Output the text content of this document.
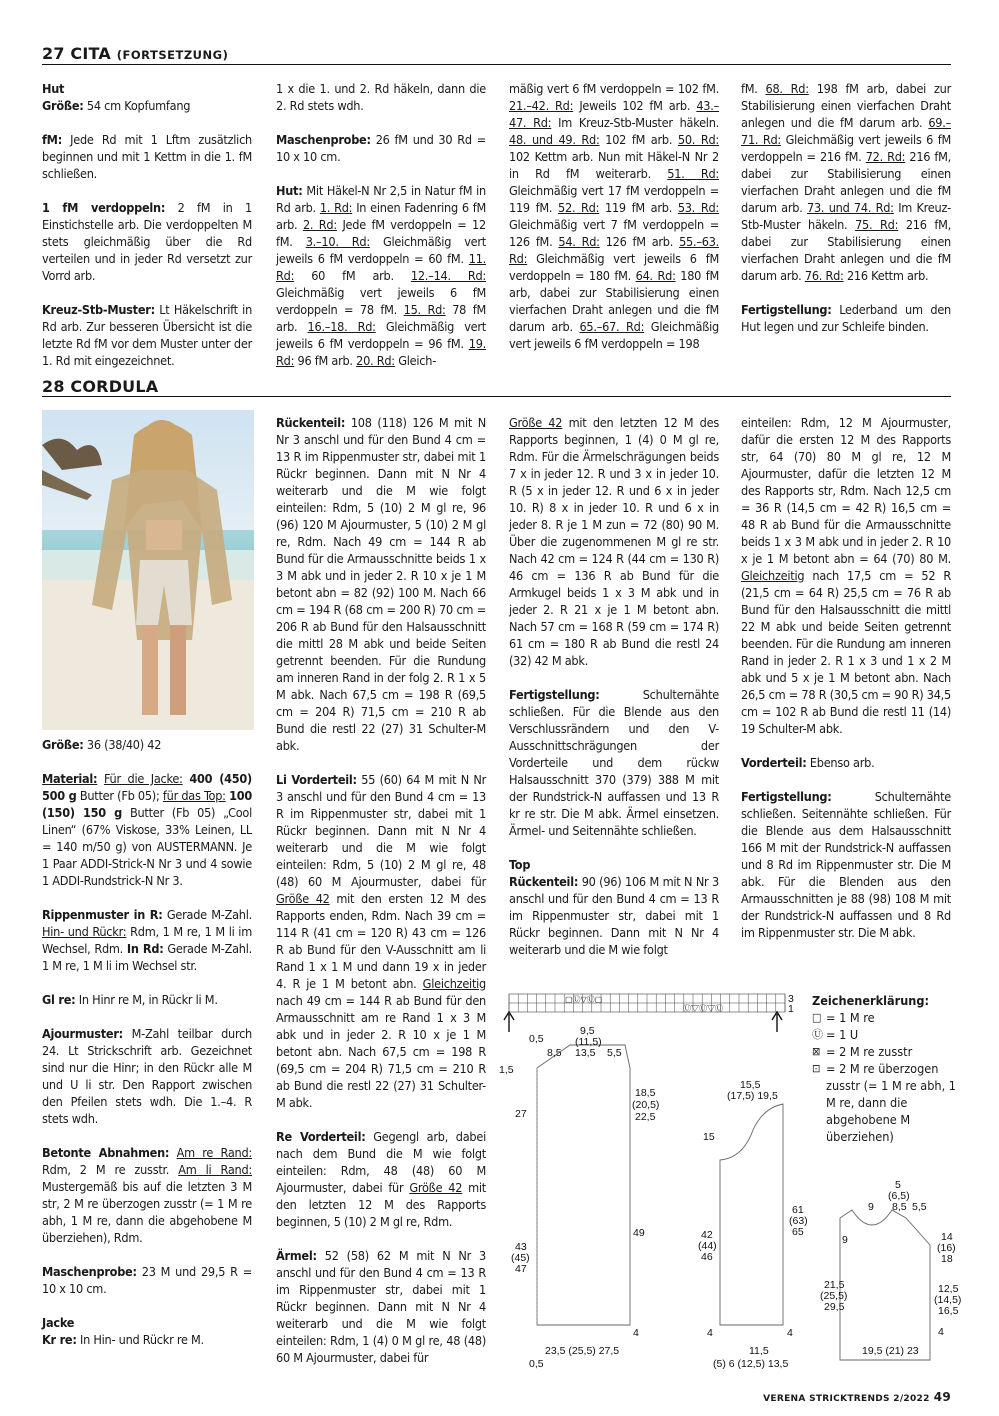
27 CITA (FORTSETZUNG)
28 CORDULA

Hut

Größe: 54 cm Kopfumfang

fM: Jede Rd mit 1 Lftm zusätzlich beginnen und mit 1 Kettm in die 1. fM schließen.

1 fM verdoppeln: 2 fM in 1 Einstichstelle arb. Die verdoppelten M stets gleichmäßig über die Rd verteilen und in jeder Rd versetzt zur Vorrd arb.

Kreuz-Stb-Muster: Lt Häkelschrift in Rd arb. Zur besseren Übersicht ist die letzte Rd fM vor dem Muster unter der 1. Rd mit eingezeichnet.

1 x die 1. und 2. Rd häkeln, dann die 2. Rd stets wdh.

Maschenprobe: 26 fM und 30 Rd = 10 x 10 cm.

Hut: Mit Häkel-N Nr 2,5 in Natur fM in Rd arb. 1. Rd: In einen Fadenring 6 fM arb. 2. Rd: Jede fM verdoppeln = 12 fM. 3.–10. Rd: Gleichmäßig vert jeweils 6 fM verdoppeln = 60 fM. 11. Rd: 60 fM arb. 12.–14. Rd: Gleichmäßig vert jeweils 6 fM verdoppeln = 78 fM. 15. Rd: 78 fM arb. 16.–18. Rd: Gleichmäßig vert jeweils 6 fM verdoppeln = 96 fM. 19. Rd: 96 fM arb. 20. Rd: Gleich-

mäßig vert 6 fM verdoppeln = 102 fM. 21.–42. Rd: Jeweils 102 fM arb. 43.–47. Rd: Im Kreuz-Stb-Muster häkeln. 48. und 49. Rd: 102 fM arb. 50. Rd: 102 Kettm arb. Nun mit Häkel-N Nr 2 in Rd fM weiterarb. 51. Rd: Gleichmäßig vert 17 fM verdoppeln = 119 fM. 52. Rd: 119 fM arb. 53. Rd: Gleichmäßig vert 7 fM verdoppeln = 126 fM. 54. Rd: 126 fM arb. 55.–63. Rd: Gleichmäßig vert jeweils 6 fM verdoppeln = 180 fM. 64. Rd: 180 fM arb, dabei zur Stabilisierung einen vierfachen Draht anlegen und die fM darum arb. 65.–67. Rd: Gleichmäßig vert jeweils 6 fM verdoppeln = 198

fM. 68. Rd: 198 fM arb, dabei zur Stabilisierung einen vierfachen Draht anlegen und die fM darum arb. 69.–71. Rd: Gleichmäßig vert jeweils 6 fM verdoppeln = 216 fM. 72. Rd: 216 fM, dabei zur Stabilisierung einen vierfachen Draht anlegen und die fM darum arb. 73. und 74. Rd: Im Kreuz-Stb-Muster häkeln. 75. Rd: 216 fM, dabei zur Stabilisierung einen vierfachen Draht anlegen und die fM darum arb. 76. Rd: 216 Kettm arb.

Fertigstellung: Lederband um den Hut legen und zur Schleife binden.

Größe: 36 (38/40) 42

Material: Für die Jacke: 400 (450) 500 g Butter (Fb 05); für das Top: 100 (150) 150 g Butter (Fb 05) „Cool Linen“ (67% Viskose, 33% Leinen, LL = 140 m/50 g) von AUSTERMANN. Je 1 Paar ADDI-Strick-N Nr 3 und 4 sowie 1 ADDI-Rundstrick-N Nr 3.

Rippenmuster in R: Gerade M-Zahl. Hin- und Rückr: Rdm, 1 M re, 1 M li im Wechsel, Rdm. In Rd: Gerade M-Zahl. 1 M re, 1 M li im Wechsel str.

Gl re: In Hinr re M, in Rückr li M.

Ajourmuster: M-Zahl teilbar durch 24. Lt Strickschrift arb. Gezeichnet sind nur die Hinr; in den Rückr alle M und U li str. Den Rapport zwischen den Pfeilen stets wdh. Die 1.–4. R stets wdh.

Betonte Abnahmen: Am re Rand: Rdm, 2 M re zusstr. Am li Rand: Mustergemäß bis auf die letzten 3 M str, 2 M re überzogen zusstr (= 1 M re abh, 1 M re, dann die abgehobene M überziehen), Rdm.

Maschenprobe: 23 M und 29,5 R = 10 x 10 cm.

Jacke

Kr re: In Hin- und Rückr re M.

Rückenteil: 108 (118) 126 M mit N Nr 3 anschl und für den Bund 4 cm = 13 R im Rippenmuster str, dabei mit 1 Rückr beginnen. Dann mit N Nr 4 weiterarb und die M wie folgt einteilen: Rdm, 5 (10) 2 M gl re, 96 (96) 120 M Ajourmuster, 5 (10) 2 M gl re, Rdm. Nach 49 cm = 144 R ab Bund für die Armausschnitte beids 1 x 3 M abk und in jeder 2. R 10 x je 1 M betont abn = 82 (92) 100 M. Nach 66 cm = 194 R (68 cm = 200 R) 70 cm = 206 R ab Bund für den Halsausschnitt die mittl 28 M abk und beide Seiten getrennt beenden. Für die Rundung am inneren Rand in der folg 2. R 1 x 5 M abk. Nach 67,5 cm = 198 R (69,5 cm = 204 R) 71,5 cm = 210 R ab Bund die restl 22 (27) 31 Schulter-M abk.

Li Vorderteil: 55 (60) 64 M mit N Nr 3 anschl und für den Bund 4 cm = 13 R im Rippenmuster str, dabei mit 1 Rückr beginnen. Dann mit N Nr 4 weiterarb und die M wie folgt einteilen: Rdm, 5 (10) 2 M gl re, 48 (48) 60 M Ajourmuster, dabei für Größe 42 mit den ersten 12 M des Rapports enden, Rdm. Nach 39 cm = 114 R (41 cm = 120 R) 43 cm = 126 R ab Bund für den V-Ausschnitt am li Rand 1 x 1 M und dann 19 x in jeder 4. R je 1 M betont abn. Gleichzeitig nach 49 cm = 144 R ab Bund für den Armausschnitt am re Rand 1 x 3 M abk und in jeder 2. R 10 x je 1 M betont abn. Nach 67,5 cm = 198 R (69,5 cm = 204 R) 71,5 cm = 210 R ab Bund die restl 22 (27) 31 Schulter-M abk.

Re Vorderteil: Gegengl arb, dabei nach dem Bund die M wie folgt einteilen: Rdm, 48 (48) 60 M Ajourmuster, dabei für Größe 42 mit den letzten 12 M des Rapports beginnen, 5 (10) 2 M gl re, Rdm.

Ärmel: 52 (58) 62 M mit N Nr 3 anschl und für den Bund 4 cm = 13 R im Rippenmuster str, dabei mit 1 Rückr beginnen. Dann mit N Nr 4 weiterarb und die M wie folgt einteilen: Rdm, 1 (4) 0 M gl re, 48 (48) 60 M Ajourmuster, dabei für

Größe 42 mit den letzten 12 M des Rapports beginnen, 1 (4) 0 M gl re, Rdm. Für die Ärmelschrägungen beids 7 x in jeder 12. R und 3 x in jeder 10. R (5 x in jeder 12. R und 6 x in jeder 10. R) 8 x in jeder 10. R und 6 x in jeder 8. R je 1 M zun = 72 (80) 90 M. Über die zugenommenen M gl re str. Nach 42 cm = 124 R (44 cm = 130 R) 46 cm = 136 R ab Bund für die Armkugel beids 1 x 3 M abk und in jeder 2. R 21 x je 1 M betont abn. Nach 57 cm = 168 R (59 cm = 174 R) 61 cm = 180 R ab Bund die restl 24 (32) 42 M abk.

Fertigstellung:	Schulternähte schließen. Für die Blende aus den Verschlussrändern und den V-Ausschnittschrägungen der Vorderteile und dem rückw Halsausschnitt 370 (379) 388 M mit der Rundstrick-N auffassen und 13 R kr re str. Die M abk. Ärmel einsetzen. Ärmel- und Seitennähte schließen.

Top

Rückenteil: 90 (96) 106 M mit N Nr 3 anschl und für den Bund 4 cm = 13 R im Rippenmuster str, dabei mit 1 Rückr beginnen. Dann mit N Nr 4 weiterarb und die M wie folgt

einteilen: Rdm, 12 M Ajourmuster, dafür die ersten 12 M des Rapports str, 64 (70) 80 M gl re, 12 M Ajourmuster, dafür die letzten 12 M des Rapports str, Rdm. Nach 12,5 cm = 36 R (14,5 cm = 42 R) 16,5 cm = 48 R ab Bund für die Armausschnitte beids 1 x 3 M abk und in jeder 2. R 10 x je 1 M betont abn = 64 (70) 80 M. Gleichzeitig nach 17,5 cm = 52 R (21,5 cm = 64 R) 25,5 cm = 76 R ab Bund für den Halsausschnitt die mittl 22 M abk und beide Seiten getrennt beenden. Für die Rundung am inneren Rand in jeder 2. R 1 x 3 und 1 x 2 M abk und 5 x je 1 M betont abn. Nach 26,5 cm = 78 R (30,5 cm = 90 R) 34,5 cm = 102 R ab Bund die restl 11 (14) 19 Schulter-M abk.

Vorderteil: Ebenso arb.

Fertigstellung:	Schulternähte schließen. Seitennähte schließen. Für die Blende aus dem Halsausschnitt 166 M mit der Rundstrick-N auffassen und 8 Rd im Rippenmuster str. Die M abk. Für die Blenden aus den Armausschnitten je 88 (98) 108 M mit der Rundstrick-N auffassen und 8 Rd im Rippenmuster str. Die M abk.

▢Ⓤ▽Ⓤ▢
Ⓤ▽Ⓤ▽Ⓤ
3
1
0,5
9,5
(11,5)
8,5 13,5 5,5
1,5
27
18,5
(20,5)
22,5
49
43
(45)
47
4
23,5 (25,5) 27,5
0,5
15,5
(17,5) 19,5
15
42
(44)
46
61
(63)
65
4	4
11,5
(5) 6 (12,5) 13,5
5
(6,5)
9 8,5 5,5
9	14
(16)
18
21,5
(25,5)
29,5
12,5
(14,5)
16,5
4
19,5 (21) 23
Zeichenerklärung:
□ = 1 M re
Ⓤ = 1 U
⊠ = 2 M re zusstr
⊡ = 2 M re überzogen zusstr (= 1 M re abh, 1 M re, dann die abgehobene M überziehen)
VERENA STRICKTRENDS 2/2022 49
